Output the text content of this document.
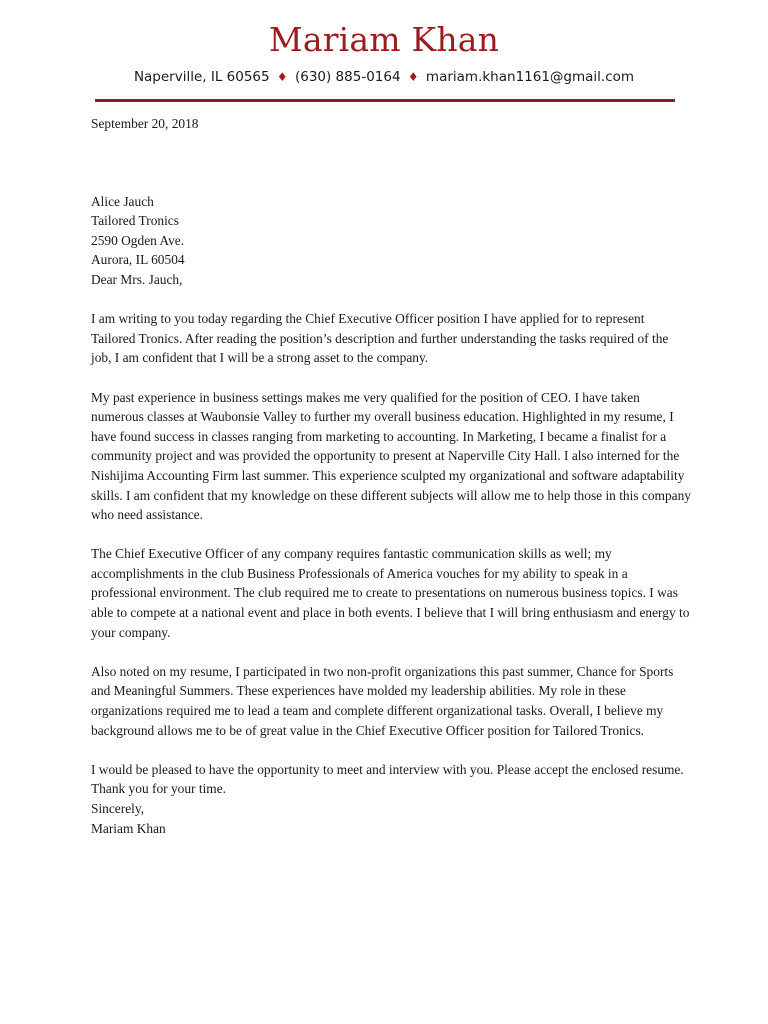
Mariam Khan
Naperville, IL 60565 ♦ (630) 885-0164 ♦ mariam.khan1161@gmail.com

September 20, 2018

Alice Jauch

Tailored Tronics

2590 Ogden Ave.

Aurora, IL 60504

Dear Mrs. Jauch,

I am writing to you today regarding the Chief Executive Officer position I have applied for to represent Tailored Tronics. After reading the position’s description and further understanding the tasks required of the job, I am confident that I will be a strong asset to the company.

My past experience in business settings makes me very qualified for the position of CEO. I have taken numerous classes at Waubonsie Valley to further my overall business education. Highlighted in my resume, I have found success in classes ranging from marketing to accounting. In Marketing, I became a finalist for a community project and was provided the opportunity to present at Naperville City Hall. I also interned for the Nishijima Accounting Firm last summer. This experience sculpted my organizational and software adaptability skills. I am confident that my knowledge on these different subjects will allow me to help those in this company who need assistance.

The Chief Executive Officer of any company requires fantastic communication skills as well; my accomplishments in the club Business Professionals of America vouches for my ability to speak in a professional environment. The club required me to create to presentations on numerous business topics. I was able to compete at a national event and place in both events. I believe that I will bring enthusiasm and energy to your company.

Also noted on my resume, I participated in two non-profit organizations this past summer, Chance for Sports and Meaningful Summers. These experiences have molded my leadership abilities. My role in these organizations required me to lead a team and complete different organizational tasks. Overall, I believe my background allows me to be of great value in the Chief Executive Officer position for Tailored Tronics.

I would be pleased to have the opportunity to meet and interview with you. Please accept the enclosed resume. Thank you for your time.

Sincerely,

Mariam Khan
